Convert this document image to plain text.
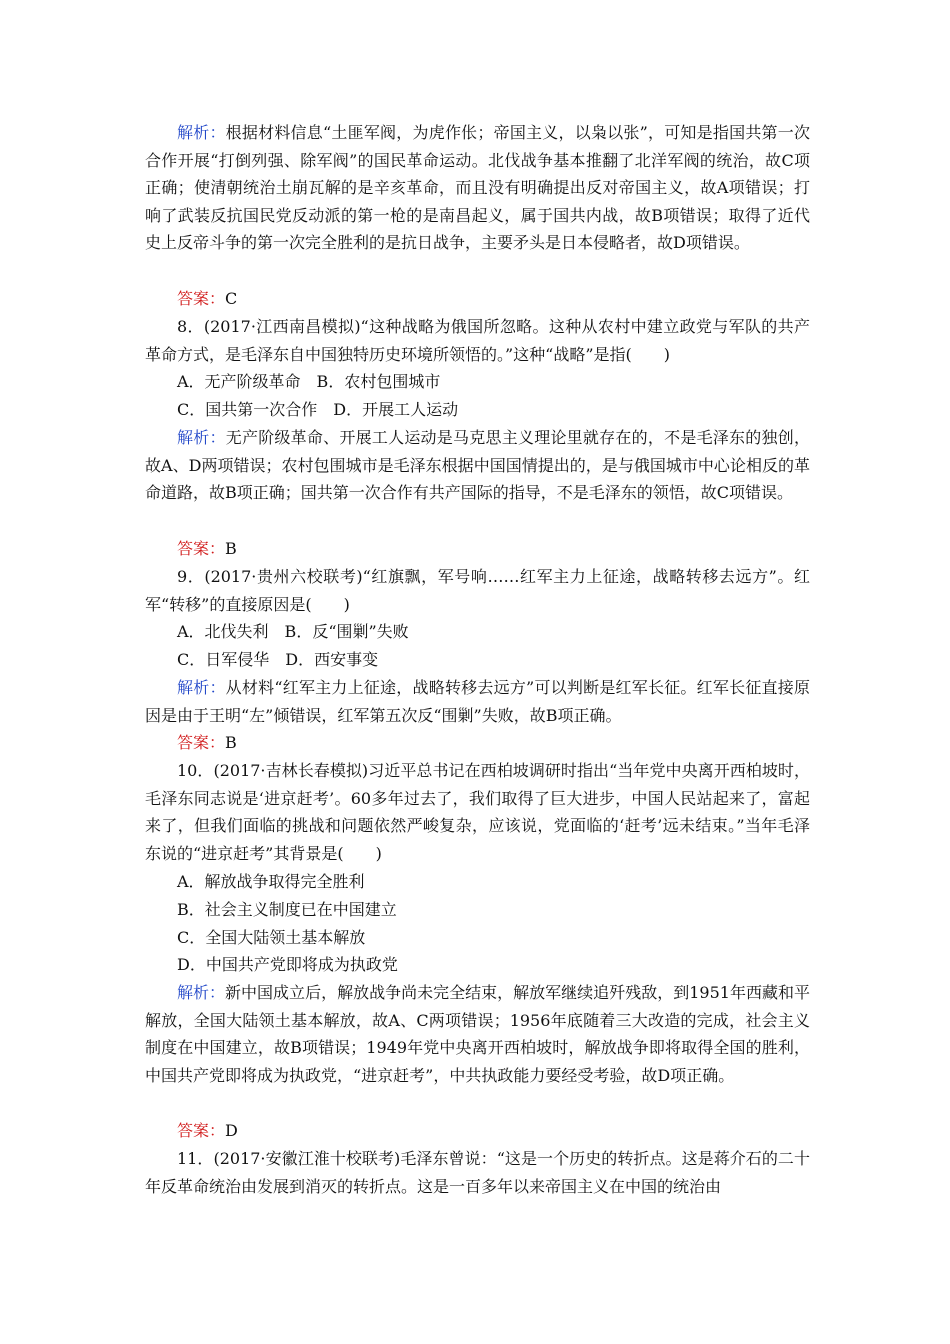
解析：根据材料信息“土匪军阀，为虎作伥；帝国主义，以枭以张”，可知是指国共第一次合作开展“打倒列强、除军阀”的国民革命运动。北伐战争基本推翻了北洋军阀的统治，故C项正确；使清朝统治土崩瓦解的是辛亥革命，而且没有明确提出反对帝国主义，故A项错误；打响了武装反抗国民党反动派的第一枪的是南昌起义，属于国共内战，故B项错误；取得了近代史上反帝斗争的第一次完全胜利的是抗日战争，主要矛头是日本侵略者，故D项错误。

答案：C

8．(2017·江西南昌模拟)“这种战略为俄国所忽略。这种从农村中建立政党与军队的共产革命方式，是毛泽东自中国独特历史环境所领悟的。”这种“战略”是指(　　)

A．无产阶级革命　B．农村包围城市

C．国共第一次合作　D．开展工人运动

解析：无产阶级革命、开展工人运动是马克思主义理论里就存在的，不是毛泽东的独创，故A、D两项错误；农村包围城市是毛泽东根据中国国情提出的，是与俄国城市中心论相反的革命道路，故B项正确；国共第一次合作有共产国际的指导，不是毛泽东的领悟，故C项错误。

答案：B

9．(2017·贵州六校联考)“红旗飘，军号响……红军主力上征途，战略转移去远方”。红军“转移”的直接原因是(　　)

A．北伐失利　B．反“围剿”失败

C．日军侵华　D．西安事变

解析：从材料“红军主力上征途，战略转移去远方”可以判断是红军长征。红军长征直接原因是由于王明“左”倾错误，红军第五次反“围剿”失败，故B项正确。

答案：B

10．(2017·吉林长春模拟)习近平总书记在西柏坡调研时指出“当年党中央离开西柏坡时，毛泽东同志说是‘进京赶考’。60多年过去了，我们取得了巨大进步，中国人民站起来了，富起来了，但我们面临的挑战和问题依然严峻复杂，应该说，党面临的‘赶考’远未结束。”当年毛泽东说的“进京赶考”其背景是(　　)

A．解放战争取得完全胜利

B．社会主义制度已在中国建立

C．全国大陆领土基本解放

D．中国共产党即将成为执政党

解析：新中国成立后，解放战争尚未完全结束，解放军继续追歼残敌，到1951年西藏和平解放，全国大陆领土基本解放，故A、C两项错误；1956年底随着三大改造的完成，社会主义制度在中国建立，故B项错误；1949年党中央离开西柏坡时，解放战争即将取得全国的胜利，中国共产党即将成为执政党，“进京赶考”，中共执政能力要经受考验，故D项正确。

答案：D

11．(2017·安徽江淮十校联考)毛泽东曾说：“这是一个历史的转折点。这是蒋介石的二十年反革命统治由发展到消灭的转折点。这是一百多年以来帝国主义在中国的统治由
